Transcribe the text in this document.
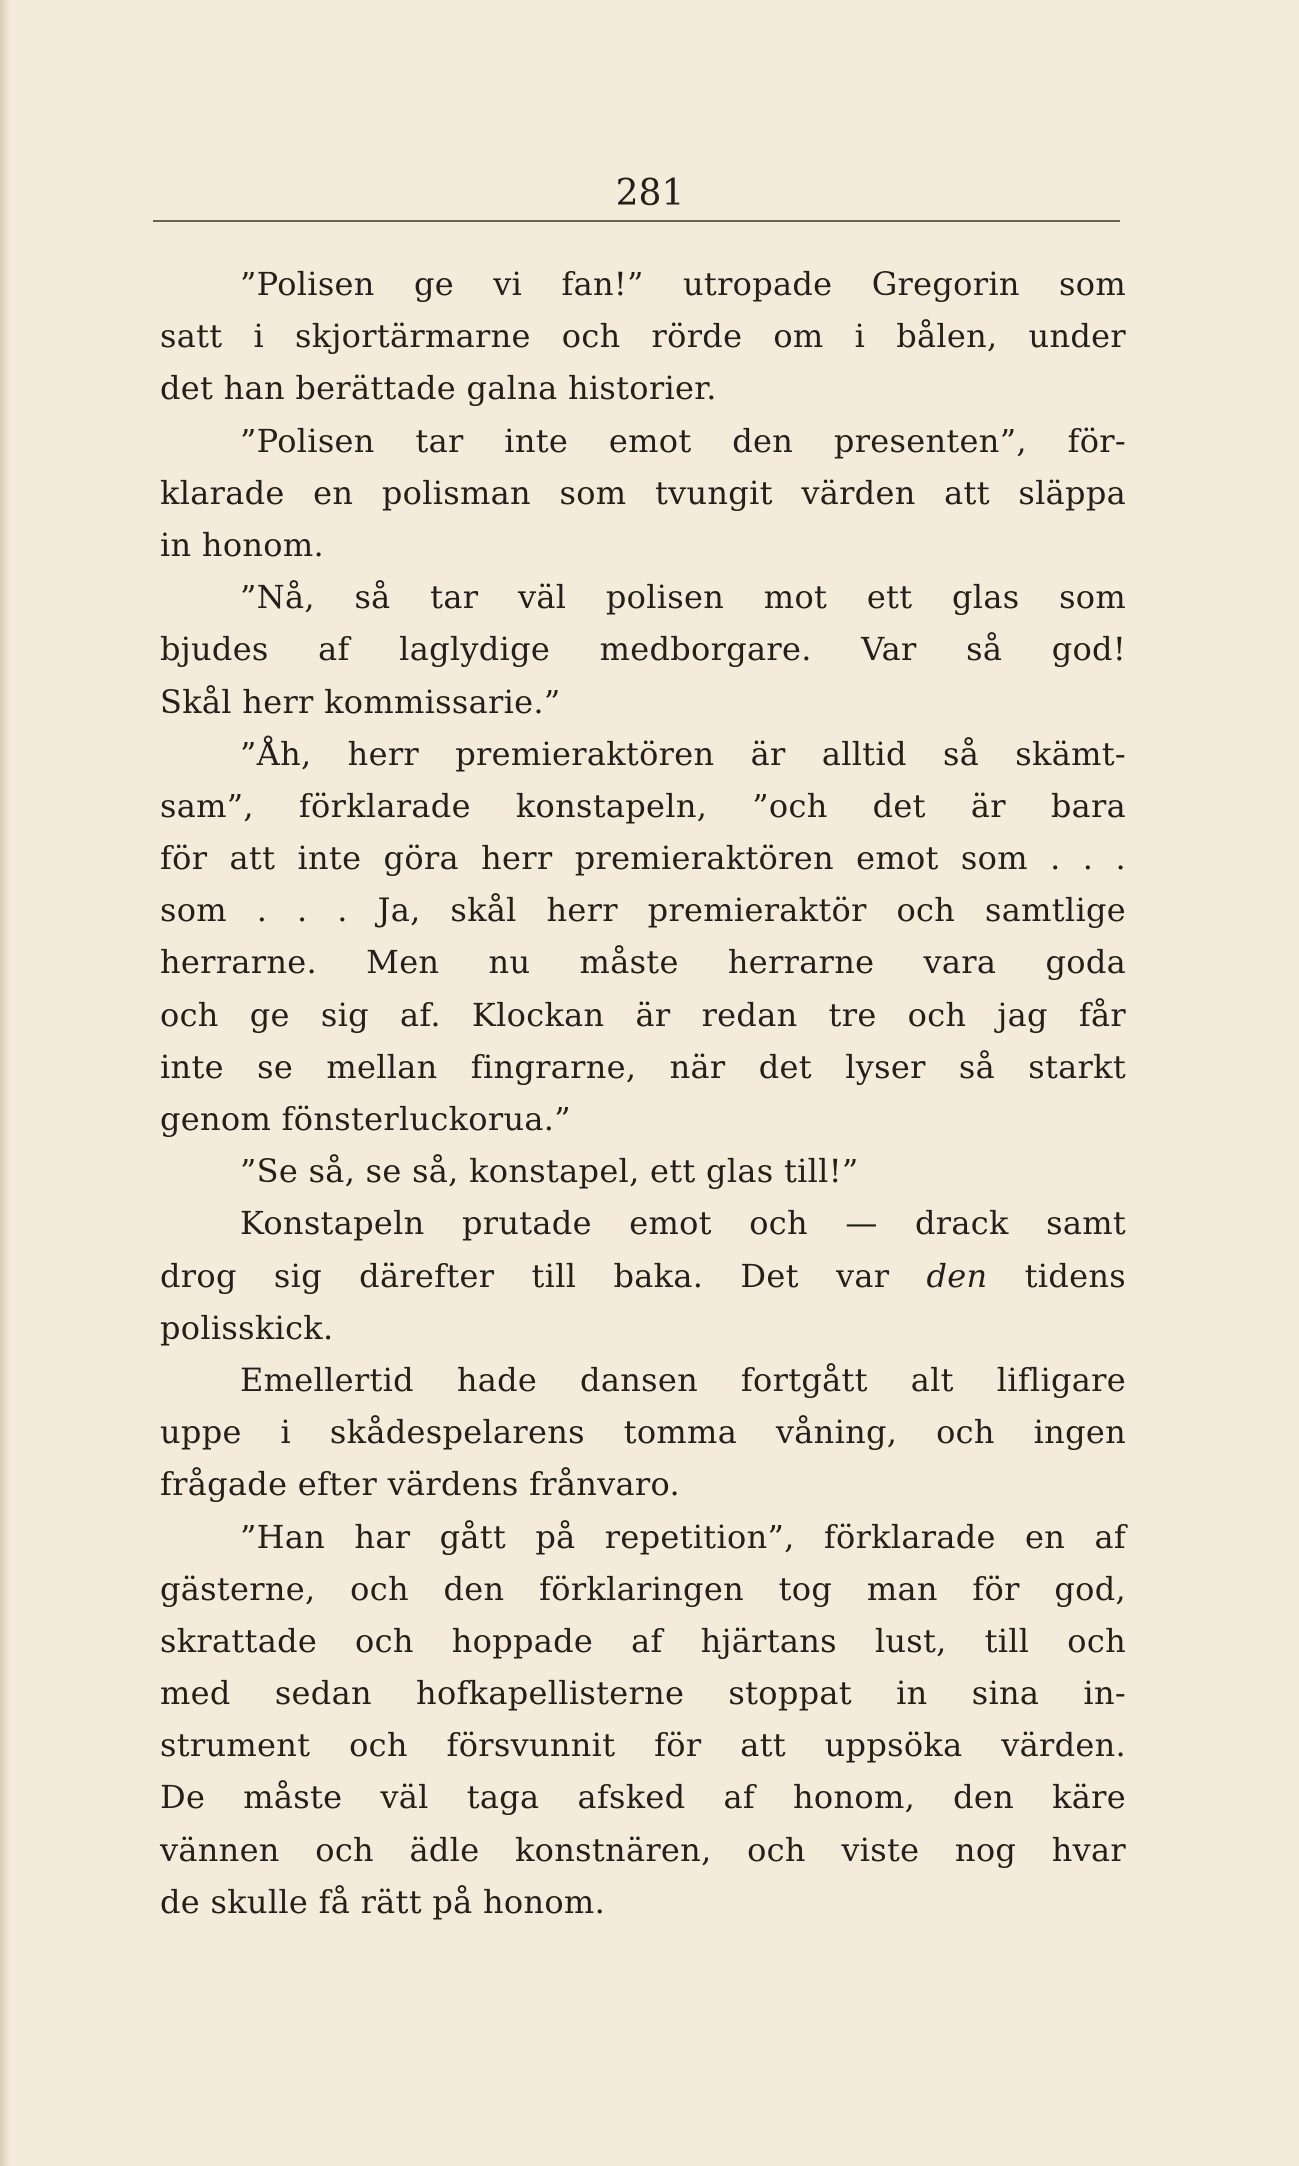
281
”Polisen ge vi fan!” utropade Gregorin som
satt i skjortärmarne och rörde om i bålen, under
det han berättade galna historier.
”Polisen tar inte emot den presenten”, för-
klarade en polisman som tvungit värden att släppa
in honom.
”Nå, så tar väl polisen mot ett glas som
bjudes af laglydige medborgare. Var så god!
Skål herr kommissarie.”
”Åh, herr premieraktören är alltid så skämt-
sam”, förklarade konstapeln, ”och det är bara
för att inte göra herr premieraktören emot som . . .
som . . . Ja, skål herr premieraktör och samtlige
herrarne. Men nu måste herrarne vara goda
och ge sig af. Klockan är redan tre och jag får
inte se mellan fingrarne, när det lyser så starkt
genom fönsterluckorua.”
”Se så, se så, konstapel, ett glas till!”
Konstapeln prutade emot och — drack samt
drog sig därefter till baka. Det var den tidens
polisskick.
Emellertid hade dansen fortgått alt lifligare
uppe i skådespelarens tomma våning, och ingen
frågade efter värdens frånvaro.
”Han har gått på repetition”, förklarade en af
gästerne, och den förklaringen tog man för god,
skrattade och hoppade af hjärtans lust, till och
med sedan hofkapellisterne stoppat in sina in-
strument och försvunnit för att uppsöka värden.
De måste väl taga afsked af honom, den käre
vännen och ädle konstnären, och viste nog hvar
de skulle få rätt på honom.
